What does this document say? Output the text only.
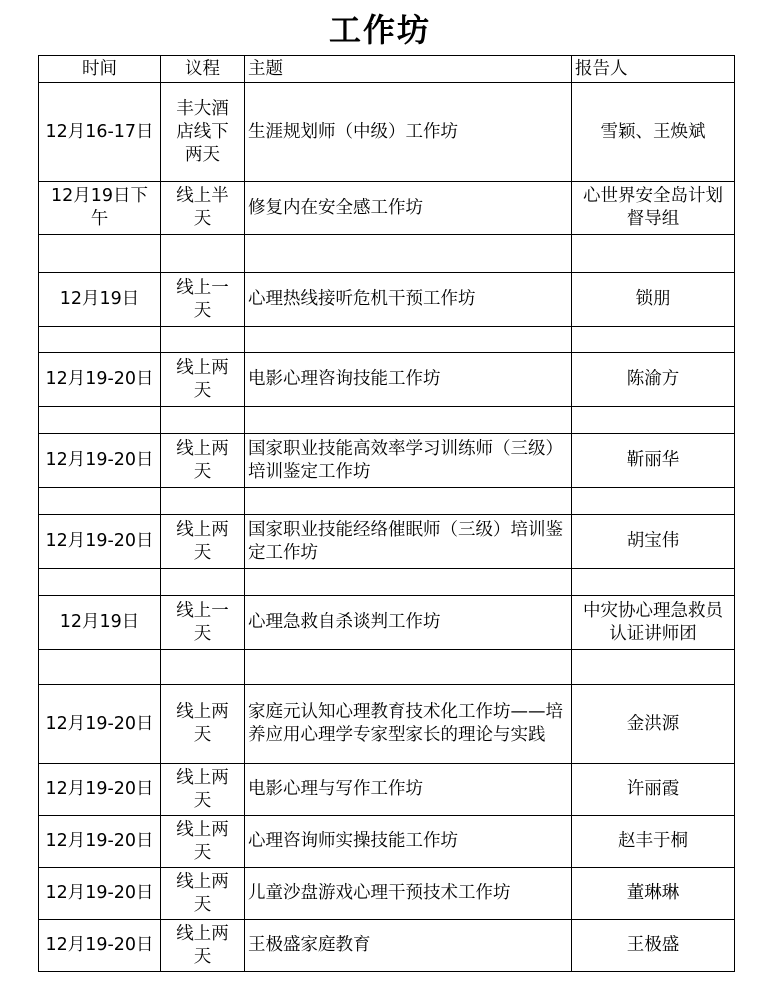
工作坊
时间	议程	主题	报告人
12月16-17日	丰大酒店线下两天	生涯规划师（中级）工作坊	雪颖、王焕斌

12月19日下午	线上半天	修复内在安全感工作坊	心世界安全岛计划督导组

12月19日	线上一天	心理热线接听危机干预工作坊	锁朋

12月19-20日	线上两天	电影心理咨询技能工作坊	陈渝方

12月19-20日	线上两天	国家职业技能高效率学习训练师（三级）培训鉴定工作坊	靳丽华

12月19-20日	线上两天	国家职业技能经络催眠师（三级）培训鉴定工作坊	胡宝伟

12月19日	线上一天	心理急救自杀谈判工作坊	中灾协心理急救员认证讲师团

12月19-20日	线上两天	家庭元认知心理教育技术化工作坊——培养应用心理学专家型家长的理论与实践	金洪源

12月19-20日	线上两天	电影心理与写作工作坊	许丽霞

12月19-20日	线上两天	心理咨询师实操技能工作坊	赵丰于桐

12月19-20日	线上两天	儿童沙盘游戏心理干预技术工作坊	董琳琳

12月19-20日	线上两天	王极盛家庭教育	王极盛
